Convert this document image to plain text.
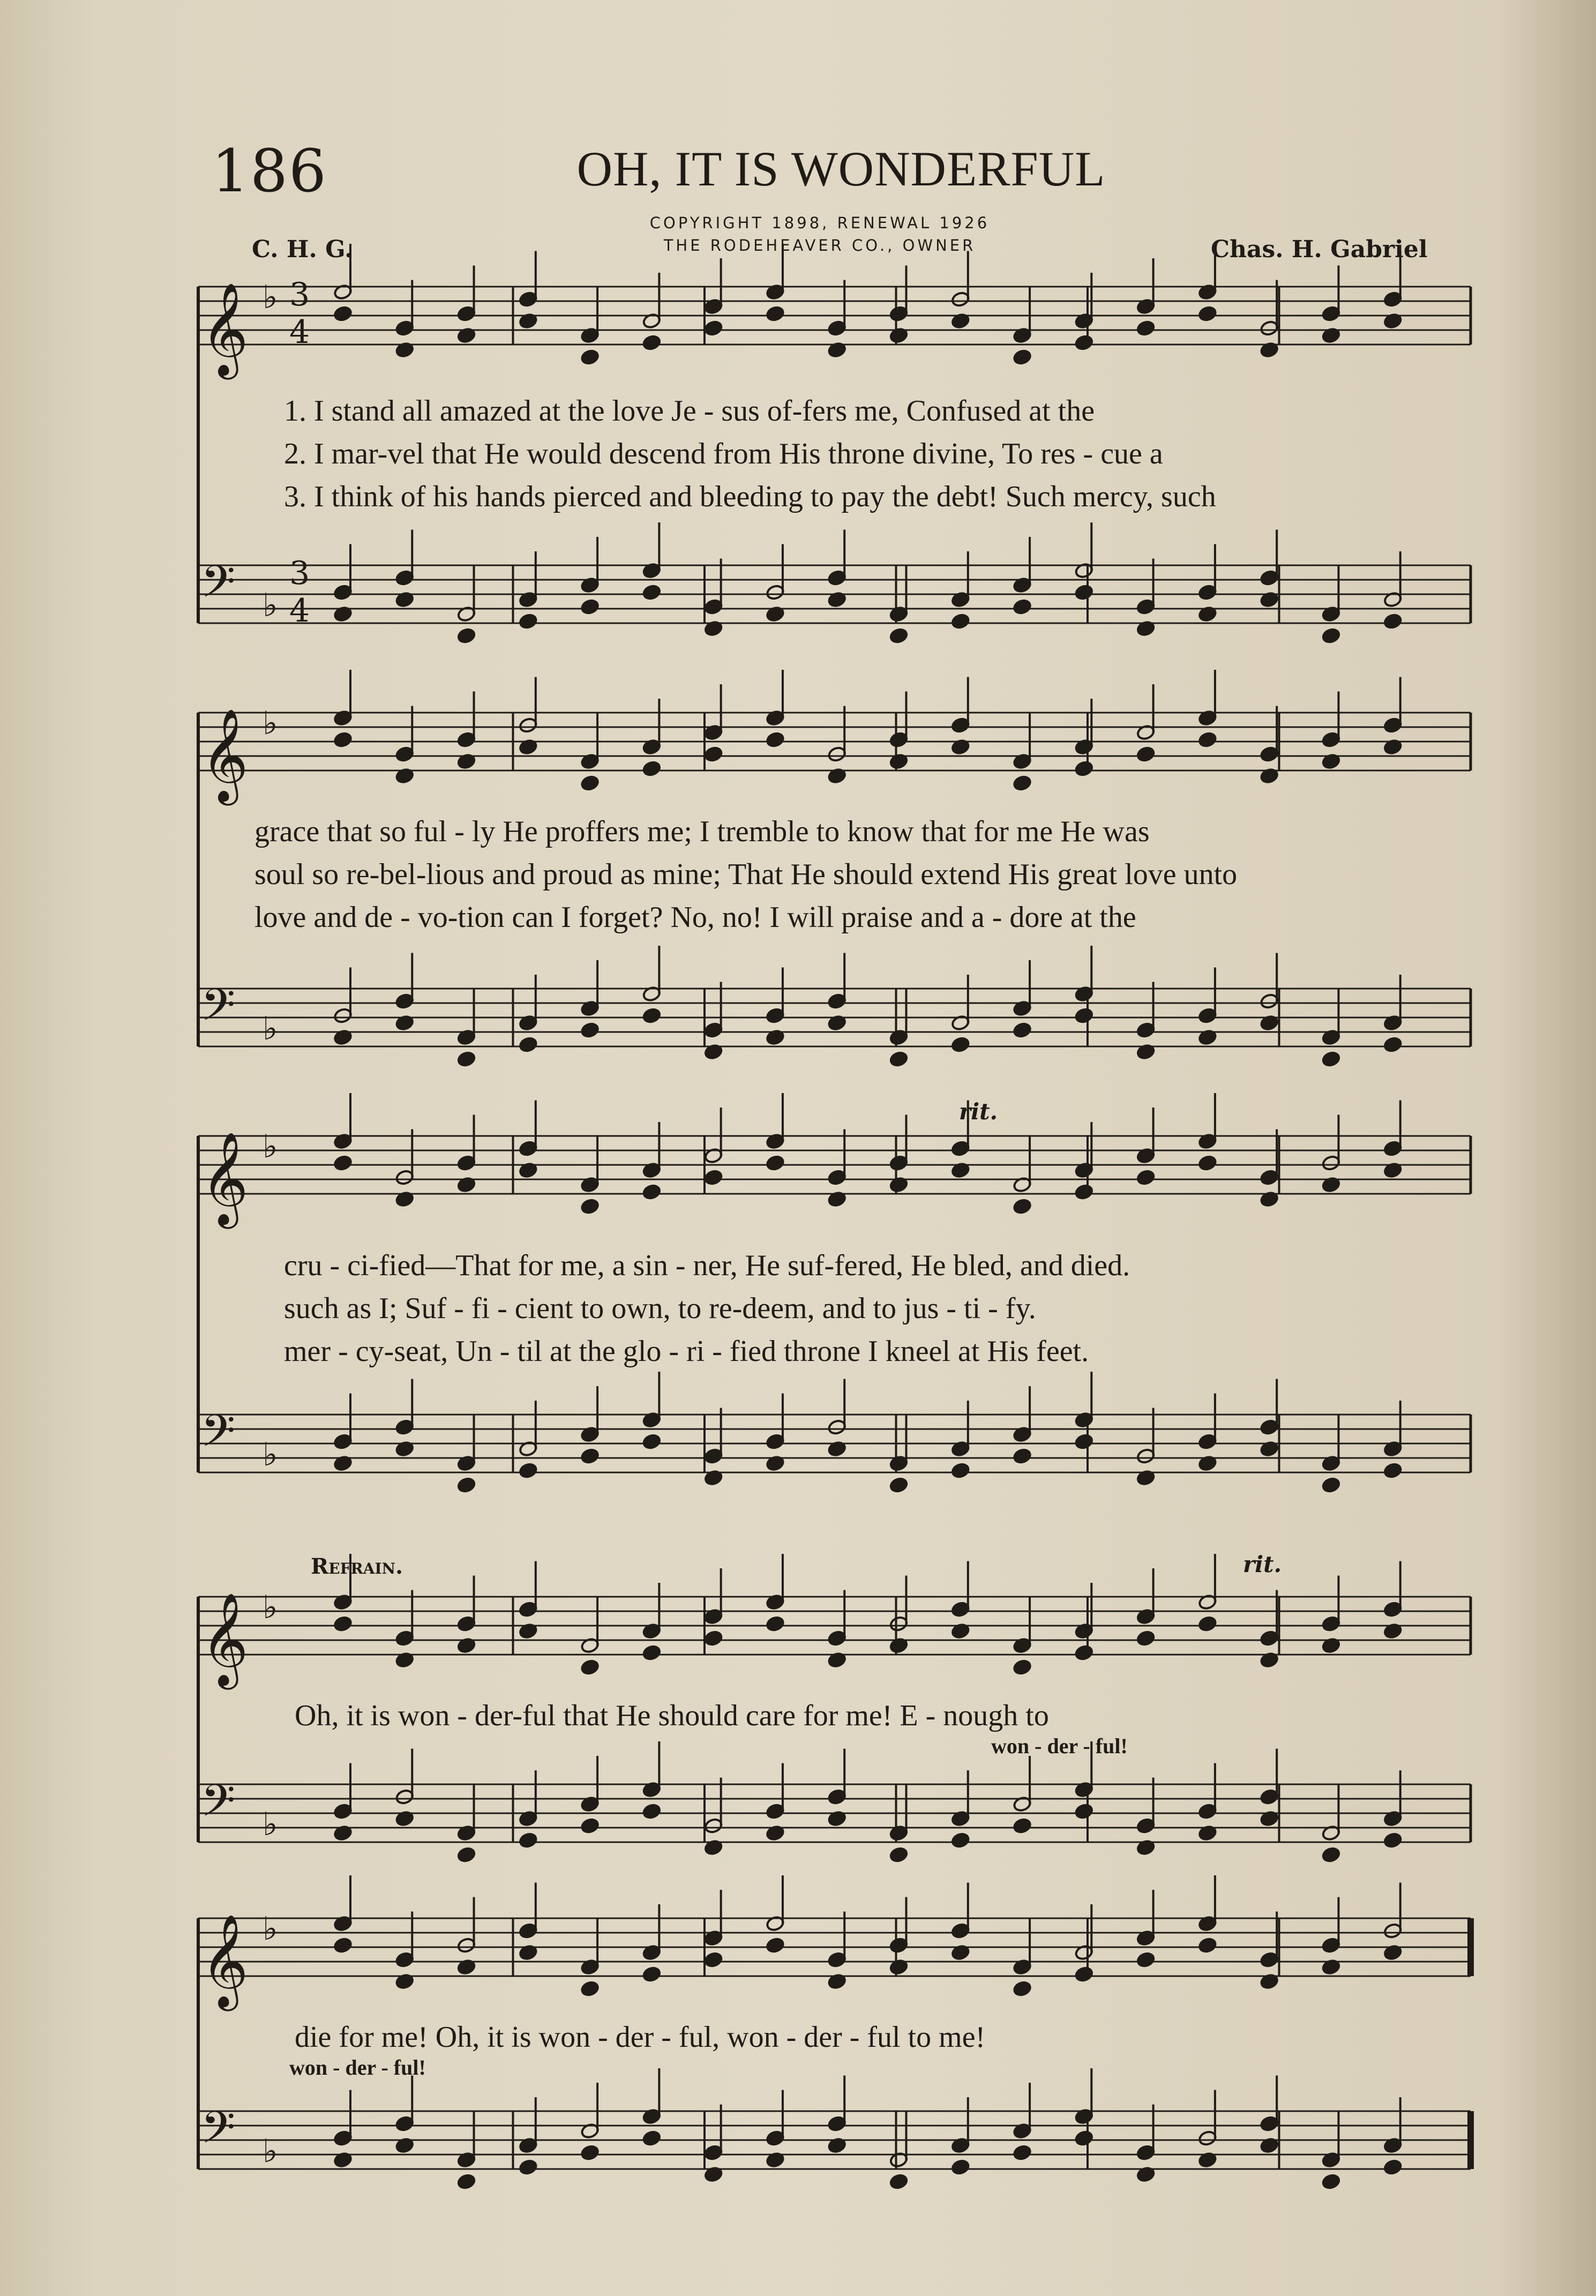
186	OH, IT IS WONDERFUL
COPYRIGHT 1898, RENEWAL 1926
THE RODEHEAVER CO., OWNER
C. H. G.	Chas. H. Gabriel
𝄞 ♭
𝄢 ♭
𝄞 ♭
𝄢 ♭
𝄞 ♭
𝄢 ♭
𝄞 ♭
𝄢 ♭
𝄞 ♭
𝄢 ♭
3
4
3
4
1. I stand all amazed at the love Je - sus of-fers me, Confused at the
2. I mar-vel that He would descend from His throne divine, To res - cue a
3. I think of his hands pierced and bleeding to pay the debt! Such mercy, such
grace that so ful - ly He proffers me; I tremble to know that for me He was
soul so re-bel-lious and proud as mine; That He should extend His great love unto
love and de - vo-tion can I forget? No, no! I will praise and a - dore at the
rit.
cru - ci-fied—That for me, a sin - ner, He suf-fered, He bled, and died.
such as I; Suf - fi - cient to own, to re-deem, and to jus - ti - fy.
mer - cy-seat, Un - til at the glo - ri - fied throne I kneel at His feet.
Refrain.	rit.
Oh, it is won - der-ful that He should care for me! E - nough to
won - der - ful!
die for me! Oh, it is won - der - ful, won - der - ful to me!
won - der - ful!
